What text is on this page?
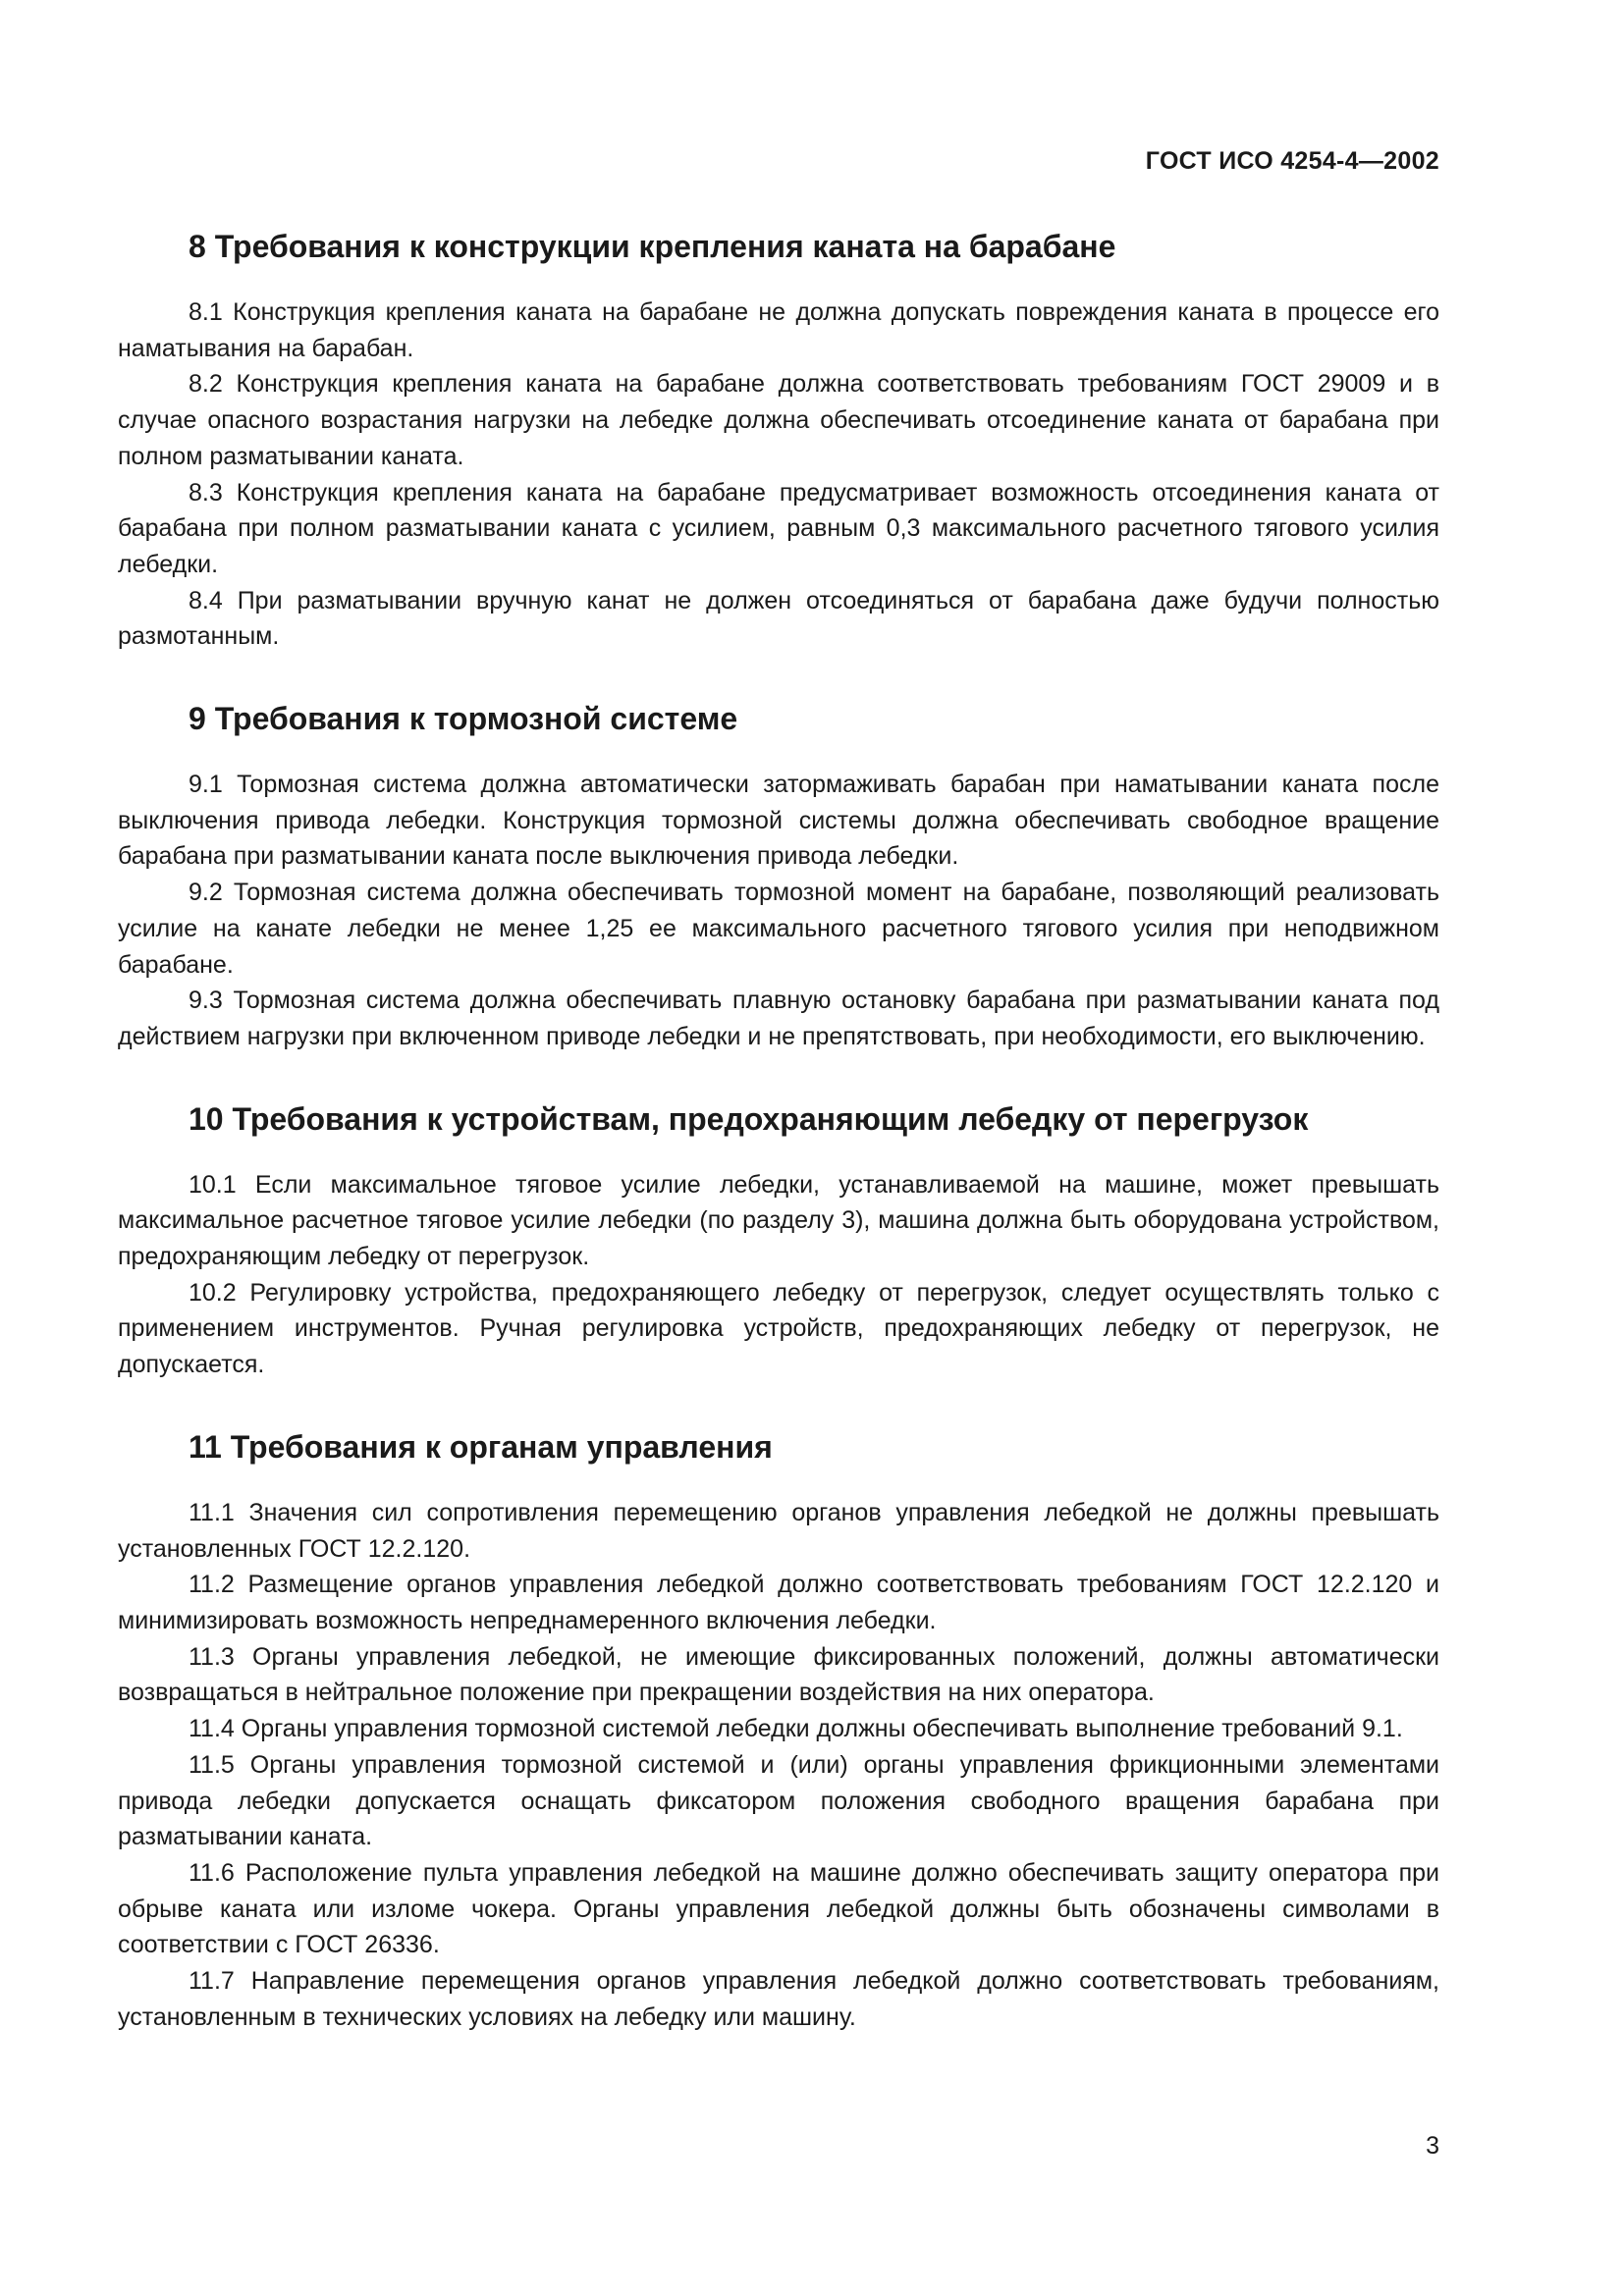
ГОСТ ИСО 4254-4—2002
8 Требования к конструкции крепления каната на барабане

8.1 Конструкция крепления каната на барабане не должна допускать повреждения каната в процессе его наматывания на барабан.

8.2 Конструкция крепления каната на барабане должна соответствовать требованиям ГОСТ 29009 и в случае опасного возрастания нагрузки на лебедке должна обеспечивать отсоединение каната от барабана при полном разматывании каната.

8.3 Конструкция крепления каната на барабане предусматривает возможность отсоединения каната от барабана при полном разматывании каната с усилием, равным 0,3 максимального расчетного тягового усилия лебедки.

8.4 При разматывании вручную канат не должен отсоединяться от барабана даже будучи полностью размотанным.

9 Требования к тормозной системе

9.1 Тормозная система должна автоматически затормаживать барабан при наматывании каната после выключения привода лебедки. Конструкция тормозной системы должна обеспечивать свободное вращение барабана при разматывании каната после выключения привода лебедки.

9.2 Тормозная система должна обеспечивать тормозной момент на барабане, позволяющий реализовать усилие на канате лебедки не менее 1,25 ее максимального расчетного тягового усилия при неподвижном барабане.

9.3 Тормозная система должна обеспечивать плавную остановку барабана при разматывании каната под действием нагрузки при включенном приводе лебедки и не препятствовать, при необходимости, его выключению.

10 Требования к устройствам, предохраняющим лебедку от перегрузок

10.1 Если максимальное тяговое усилие лебедки, устанавливаемой на машине, может превышать максимальное расчетное тяговое усилие лебедки (по разделу 3), машина должна быть оборудована устройством, предохраняющим лебедку от перегрузок.

10.2 Регулировку устройства, предохраняющего лебедку от перегрузок, следует осуществлять только с применением инструментов. Ручная регулировка устройств, предохраняющих лебедку от перегрузок, не допускается.

11 Требования к органам управления

11.1 Значения сил сопротивления перемещению органов управления лебедкой не должны превышать установленных ГОСТ 12.2.120.

11.2 Размещение органов управления лебедкой должно соответствовать требованиям ГОСТ 12.2.120 и минимизировать возможность непреднамеренного включения лебедки.

11.3 Органы управления лебедкой, не имеющие фиксированных положений, должны автоматически возвращаться в нейтральное положение при прекращении воздействия на них оператора.

11.4 Органы управления тормозной системой лебедки должны обеспечивать выполнение требований 9.1.

11.5 Органы управления тормозной системой и (или) органы управления фрикционными элементами привода лебедки допускается оснащать фиксатором положения свободного вращения барабана при разматывании каната.

11.6 Расположение пульта управления лебедкой на машине должно обеспечивать защиту оператора при обрыве каната или изломе чокера. Органы управления лебедкой должны быть обозначены символами в соответствии с ГОСТ 26336.

11.7 Направление перемещения органов управления лебедкой должно соответствовать требованиям, установленным в технических условиях на лебедку или машину.

3
